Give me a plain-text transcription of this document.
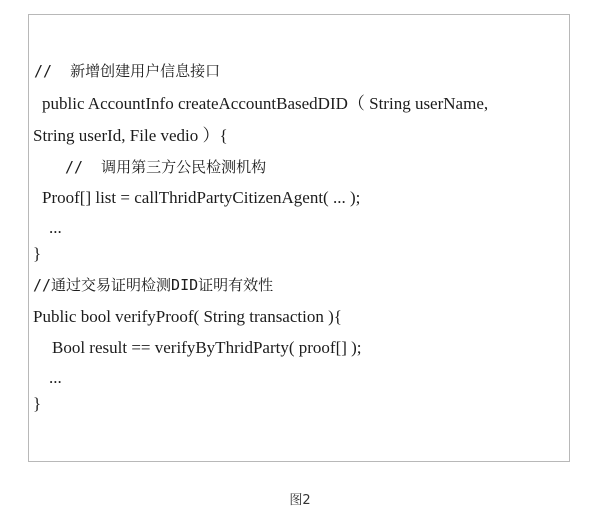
//  新增创建用户信息接口
public AccountInfo createAccountBasedDID（ String userName,
String userId, File vedio ）{
//  调用第三方公民检测机构
Proof[] list = callThridPartyCitizenAgent( ... );
...
}
//通过交易证明检测DID证明有效性
Public bool verifyProof( String transaction ){
Bool result == verifyByThridParty( proof[] );
...
}
图2
